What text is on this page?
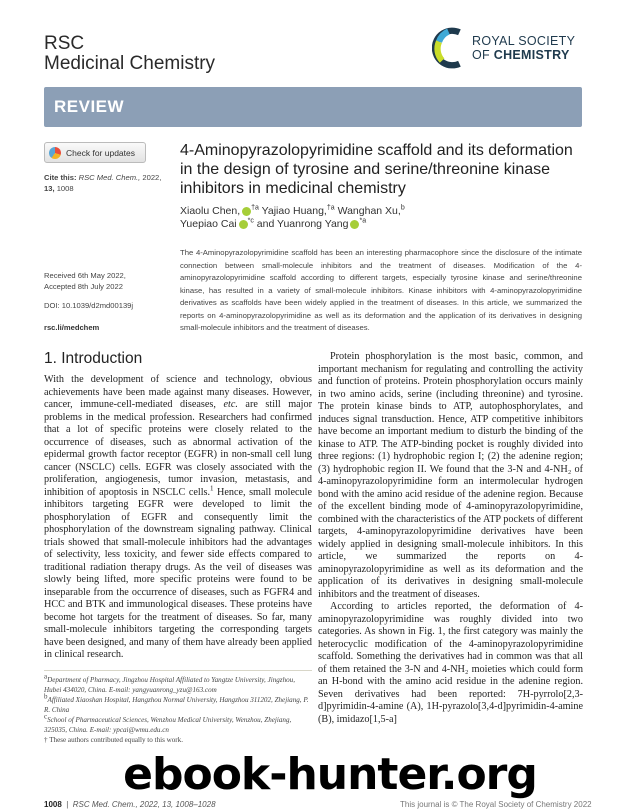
RSC
Medicinal Chemistry
ROYAL SOCIETY
OF CHEMISTRY
REVIEW
Check for updates
Cite this: RSC Med. Chem., 2022, 13, 1008
Received 6th May 2022,
Accepted 8th July 2022
DOI: 10.1039/d2md00139j
rsc.li/medchem
4-Aminopyrazolopyrimidine scaffold and its deformation in the design of tyrosine and serine/threonine kinase inhibitors in medicinal chemistry
Xiaolu Chen, $^{\dagger a}$ Yajiao Huang,$^{\dagger a}$ Wanghan Xu,$^b$
Yuepiao Cai $^{*c}$ and Yuanrong Yang $^{*a}$

The 4-Aminopyrazolopyrimidine scaffold has been an interesting pharmacophore since the disclosure of the intimate connection between small-molecule inhibitors and the treatment of diseases. Modification of the 4-aminopyrazolopyrimidine scaffold according to different targets, especially tyrosine kinase and serine/threonine kinase, has resulted in a variety of small-molecule inhibitors. Kinase inhibitors with 4-aminopyrazolopyrimidine derivatives as scaffolds have been widely applied in the treatment of diseases. In this article, we summarized the reports on 4-aminopyrazolopyrimidine as well as its deformation and the application of its derivatives in designing small-molecule inhibitors and the treatment of diseases.

1. Introduction

With the development of science and technology, obvious achievements have been made against many diseases. However, cancer, immune-cell-mediated diseases, etc. are still major problems in the medical profession. Researchers had confirmed that a lot of specific proteins were closely related to the occurrence of diseases, such as abnormal activation of the epidermal growth factor receptor (EGFR) in non-small cell lung cancer (NSCLC) cells. EGFR was closely associated with the proliferation, angiogenesis, tumor invasion, metastasis, and inhibition of apoptosis in NSCLC cells.$^1$ Hence, small molecule inhibitors targeting EGFR were developed to limit the phosphorylation of EGFR and consequently limit the phosphorylation of the downstream signaling pathway. Clinical trials showed that small-molecule inhibitors had the advantages of selectivity, less toxicity, and fewer side effects compared to traditional radiation therapy drugs. As the veil of diseases was slowly being lifted, more specific proteins were found to be inseparable from the occurrence of diseases, such as FGFR4 and HCC and BTK and immunological diseases. These proteins have become hot targets for the treatment of diseases. So far, many small-molecule inhibitors targeting the corresponding targets have been designed, and many of them have already been applied in clinical research.

$^a$Department of Pharmacy, Jingzhou Hospital Affiliated to Yangtze University, Jingzhou, Hubei 434020, China. E-mail: yangyuanrong_yzu@163.com
$^b$Affiliated Xiaoshan Hospital, Hangzhou Normal University, Hangzhou 311202, Zhejiang, P. R. China
$^c$School of Pharmaceutical Sciences, Wenzhou Medical University, Wenzhou, Zhejiang, 325035, China. E-mail: ypcai@wmu.edu.cn
† These authors contributed equally to this work.

Protein phosphorylation is the most basic, common, and important mechanism for regulating and controlling the activity and function of proteins. Protein phosphorylation occurs mainly in two amino acids, serine (including threonine) and tyrosine. The protein kinase binds to ATP, autophosphorylates, and induces signal transduction. Hence, ATP competitive inhibitors have become an important medium to disturb the binding of the kinase to ATP. The ATP-binding pocket is roughly divided into three regions: (1) hydrophobic region I; (2) the adenine region; (3) hydrophobic region II. We found that the 3-N and 4-NH₂ of 4-aminopyrazolopyrimidine form an intermolecular hydrogen bond with the amino acid residue of the adenine region. Because of the excellent binding mode of 4-aminopyrazolopyrimidine, combined with the characteristics of the ATP pockets of different targets, 4-aminopyrazolopyrimidine derivatives have been widely applied in designing small-molecule inhibitors. In this article, we summarized the reports on 4-aminopyrazolopyrimidine as well as its deformation and the application of its derivatives in designing small-molecule inhibitors and the treatment of diseases.

According to articles reported, the deformation of 4-aminopyrazolopyrimidine was roughly divided into two categories. As shown in Fig. 1, the first category was mainly the heterocyclic modification of the 4-aminopyrazolopyrimidine scaffold. Something the derivatives had in common was that all of them retained the 3-N and 4-NH₂ moieties which could form an H-bond with the amino acid residue in the adenine region. Seven derivatives had been reported: 7H-pyrrolo[2,3-d]pyrimidin-4-amine (A), 1H-pyrazolo[3,4-d]pyrimidin-4-amine (B), imidazo[1,5-a]

ebook-hunter.org
1008  |  RSC Med. Chem., 2022, 13, 1008–1028	This journal is © The Royal Society of Chemistry 2022
